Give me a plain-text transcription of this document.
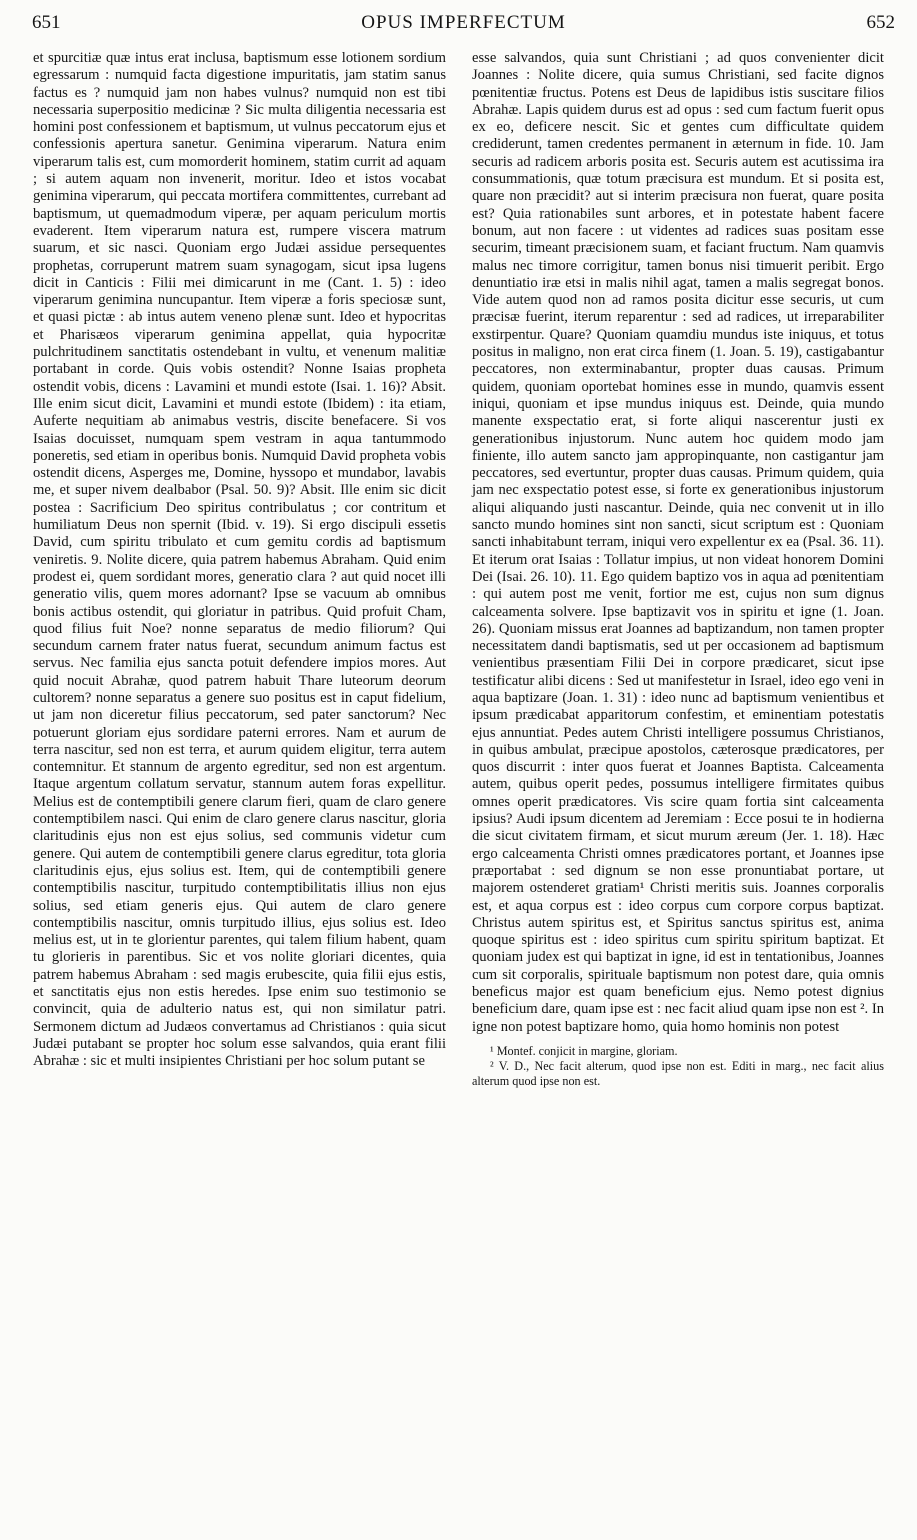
651	OPUS IMPERFECTUM	652

et spurcitiæ quæ intus erat inclusa, baptismum esse lotionem sordium egressarum : numquid facta digestione impuritatis, jam statim sanus factus es ? numquid jam non habes vulnus? numquid non est tibi necessaria superpositio medicinæ ? Sic multa diligentia necessaria est homini post confessionem et baptismum, ut vulnus peccatorum ejus et confessionis apertura sanetur. Genimina viperarum. Natura enim viperarum talis est, cum momorderit hominem, statim currit ad aquam ; si autem aquam non invenerit, moritur. Ideo et istos vocabat genimina viperarum, qui peccata mortifera committentes, currebant ad baptismum, ut quemadmodum viperæ, per aquam periculum mortis evaderent. Item viperarum natura est, rumpere viscera matrum suarum, et sic nasci. Quoniam ergo Judæi assidue persequentes prophetas, corruperunt matrem suam synagogam, sicut ipsa lugens dicit in Canticis : Filii mei dimicarunt in me (Cant. 1. 5) : ideo viperarum genimina nuncupantur. Item viperæ a foris speciosæ sunt, et quasi pictæ : ab intus autem veneno plenæ sunt. Ideo et hypocritas et Pharisæos viperarum genimina appellat, quia hypocritæ pulchritudinem sanctitatis ostendebant in vultu, et venenum malitiæ portabant in corde. Quis vobis ostendit? Nonne Isaias propheta ostendit vobis, dicens : Lavamini et mundi estote (Isai. 1. 16)? Absit. Ille enim sicut dicit, Lavamini et mundi estote (Ibidem) : ita etiam, Auferte nequitiam ab animabus vestris, discite benefacere. Si vos Isaias docuisset, numquam spem vestram in aqua tantummodo poneretis, sed etiam in operibus bonis. Numquid David propheta vobis ostendit dicens, Asperges me, Domine, hyssopo et mundabor, lavabis me, et super nivem dealbabor (Psal. 50. 9)? Absit. Ille enim sic dicit postea : Sacrificium Deo spiritus contribulatus ; cor contritum et humiliatum Deus non spernit (Ibid. v. 19). Si ergo discipuli essetis David, cum spiritu tribulato et cum gemitu cordis ad baptismum veniretis. 9. Nolite dicere, quia patrem habemus Abraham. Quid enim prodest ei, quem sordidant mores, generatio clara ? aut quid nocet illi generatio vilis, quem mores adornant? Ipse se vacuum ab omnibus bonis actibus ostendit, qui gloriatur in patribus. Quid profuit Cham, quod filius fuit Noe? nonne separatus de medio filiorum? Qui secundum carnem frater natus fuerat, secundum animum factus est servus. Nec familia ejus sancta potuit defendere impios mores. Aut quid nocuit Abrahæ, quod patrem habuit Thare luteorum deorum cultorem? nonne separatus a genere suo positus est in caput fidelium, ut jam non diceretur filius peccatorum, sed pater sanctorum? Nec potuerunt gloriam ejus sordidare paterni errores. Nam et aurum de terra nascitur, sed non est terra, et aurum quidem eligitur, terra autem contemnitur. Et stannum de argento egreditur, sed non est argentum. Itaque argentum collatum servatur, stannum autem foras expellitur. Melius est de contemptibili genere clarum fieri, quam de claro genere contemptibilem nasci. Qui enim de claro genere clarus nascitur, gloria claritudinis ejus non est ejus solius, sed communis videtur cum genere. Qui autem de contemptibili genere clarus egreditur, tota gloria claritudinis ejus, ejus solius est. Item, qui de contemptibili genere contemptibilis nascitur, turpitudo contemptibilitatis illius non ejus solius, sed etiam generis ejus. Qui autem de claro genere contemptibilis nascitur, omnis turpitudo illius, ejus solius est. Ideo melius est, ut in te glorientur parentes, qui talem filium habent, quam tu glorieris in parentibus. Sic et vos nolite gloriari dicentes, quia patrem habemus Abraham : sed magis erubescite, quia filii ejus estis, et sanctitatis ejus non estis heredes. Ipse enim suo testimonio se convincit, quia de adulterio natus est, qui non similatur patri. Sermonem dictum ad Judæos convertamus ad Christianos : quia sicut Judæi putabant se propter hoc solum esse salvandos, quia erant filii Abrahæ : sic et multi insipientes Christiani per hoc solum putant se

esse salvandos, quia sunt Christiani ; ad quos convenienter dicit Joannes : Nolite dicere, quia sumus Christiani, sed facite dignos pœnitentiæ fructus. Potens est Deus de lapidibus istis suscitare filios Abrahæ. Lapis quidem durus est ad opus : sed cum factum fuerit opus ex eo, deficere nescit. Sic et gentes cum difficultate quidem crediderunt, tamen credentes permanent in æternum in fide. 10. Jam securis ad radicem arboris posita est. Securis autem est acutissima ira consummationis, quæ totum præcisura est mundum. Et si posita est, quare non præcidit? aut si interim præcisura non fuerat, quare posita est? Quia rationabiles sunt arbores, et in potestate habent facere bonum, aut non facere : ut videntes ad radices suas positam esse securim, timeant præcisionem suam, et faciant fructum. Nam quamvis malus nec timore corrigitur, tamen bonus nisi timuerit peribit. Ergo denuntiatio iræ etsi in malis nihil agat, tamen a malis segregat bonos. Vide autem quod non ad ramos posita dicitur esse securis, ut cum præcisæ fuerint, iterum reparentur : sed ad radices, ut irreparabiliter exstirpentur. Quare? Quoniam quamdiu mundus iste iniquus, et totus positus in maligno, non erat circa finem (1. Joan. 5. 19), castigabantur peccatores, non exterminabantur, propter duas causas. Primum quidem, quoniam oportebat homines esse in mundo, quamvis essent iniqui, quoniam et ipse mundus iniquus est. Deinde, quia mundo manente exspectatio erat, si forte aliqui nascerentur justi ex generationibus injustorum. Nunc autem hoc quidem modo jam finiente, illo autem sancto jam appropinquante, non castigantur jam peccatores, sed evertuntur, propter duas causas. Primum quidem, quia jam nec exspectatio potest esse, si forte ex generationibus injustorum aliqui aliquando justi nascantur. Deinde, quia nec convenit ut in illo sancto mundo homines sint non sancti, sicut scriptum est : Quoniam sancti inhabitabunt terram, iniqui vero expellentur ex ea (Psal. 36. 11). Et iterum orat Isaias : Tollatur impius, ut non videat honorem Domini Dei (Isai. 26. 10). 11. Ego quidem baptizo vos in aqua ad pœnitentiam : qui autem post me venit, fortior me est, cujus non sum dignus calceamenta solvere. Ipse baptizavit vos in spiritu et igne (1. Joan. 26). Quoniam missus erat Joannes ad baptizandum, non tamen propter necessitatem dandi baptismatis, sed ut per occasionem ad baptismum venientibus præsentiam Filii Dei in corpore prædicaret, sicut ipse testificatur alibi dicens : Sed ut manifestetur in Israel, ideo ego veni in aqua baptizare (Joan. 1. 31) : ideo nunc ad baptismum venientibus et ipsum prædicabat apparitorum confestim, et eminentiam potestatis ejus annuntiat. Pedes autem Christi intelligere possumus Christianos, in quibus ambulat, præcipue apostolos, cæterosque prædicatores, per quos discurrit : inter quos fuerat et Joannes Baptista. Calceamenta autem, quibus operit pedes, possumus intelligere firmitates quibus omnes operit prædicatores. Vis scire quam fortia sint calceamenta ipsius? Audi ipsum dicentem ad Jeremiam : Ecce posui te in hodierna die sicut civitatem firmam, et sicut murum æreum (Jer. 1. 18). Hæc ergo calceamenta Christi omnes prædicatores portant, et Joannes ipse præportabat : sed dignum se non esse pronuntiabat portare, ut majorem ostenderet gratiam¹ Christi meritis suis. Joannes corporalis est, et aqua corpus est : ideo corpus cum corpore corpus baptizat. Christus autem spiritus est, et Spiritus sanctus spiritus est, anima quoque spiritus est : ideo spiritus cum spiritu spiritum baptizat. Et quoniam judex est qui baptizat in igne, id est in tentationibus, Joannes cum sit corporalis, spirituale baptismum non potest dare, quia omnis beneficus major est quam beneficium ejus. Nemo potest dignius beneficium dare, quam ipse est : nec facit aliud quam ipse non est ². In igne non potest baptizare homo, quia homo hominis non potest

¹ Montef. conjicit in margine, gloriam.

² V. D., Nec facit alterum, quod ipse non est. Editi in marg., nec facit alius alterum quod ipse non est.
